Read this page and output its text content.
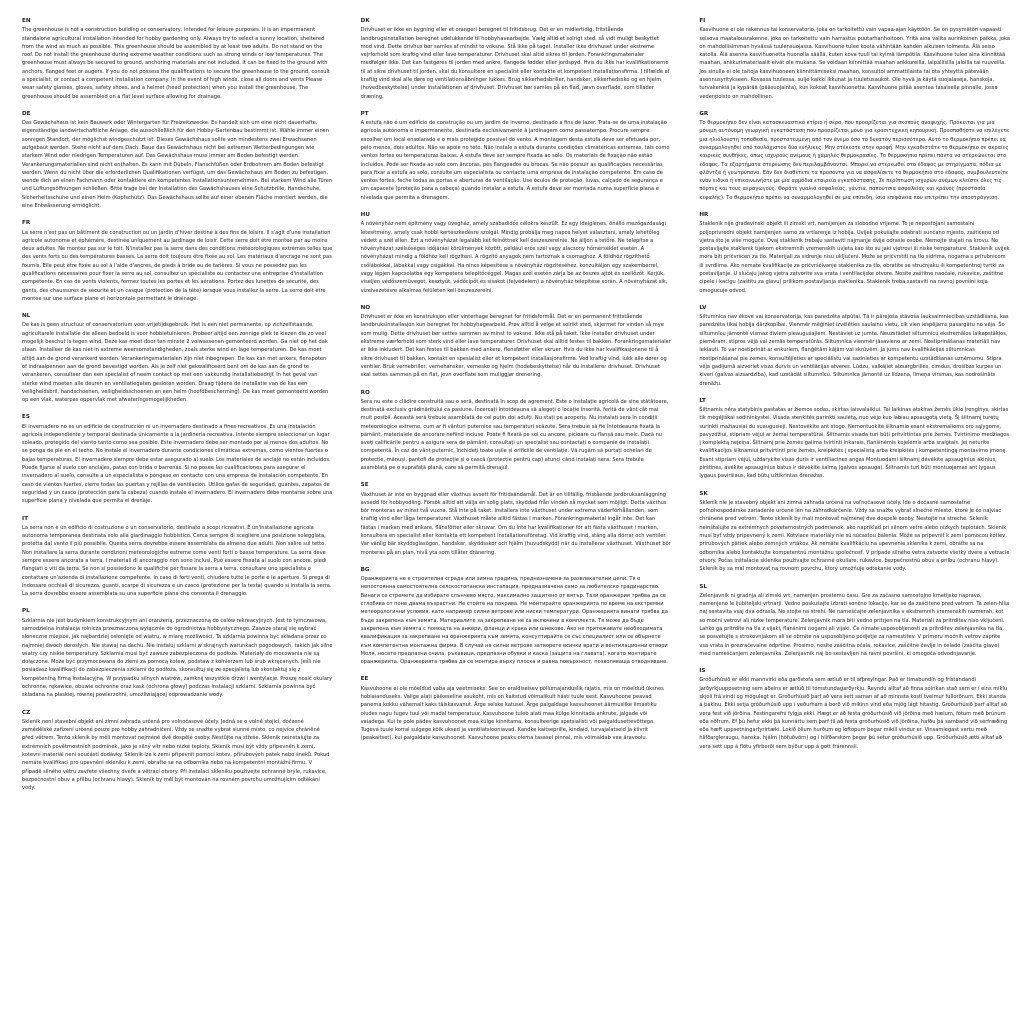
EN

The greenhouse is not a construction building or conservatory, intended for leisure purposes. It is an impermanent standalone agricultural installation intended for hobby gardening only. Always try to select a sunny location, sheltered from the wind as much as possible. This greenhouse should be assembled by at least two adults. Do not stand on the roof. Do not install the greenhouse during extreme weather conditions such as strong winds or low temperatures. The greenhouse must always be secured to ground, anchoring materials are not included. It can be fixed to the ground with anchors, flanged feet or augers. If you do not possess the qualifications to secure the greenhouse to the ground, consult a specialist, or contact a competent installation company. In the event of high winds, close all doors and vents Please wear safety glasses, gloves, safety shoes, and a helmet (head protection) when you install the greenhouse. The greenhouse should be assembled on a flat level surface allowing for drainage.

DE

Das Gewächshaus ist kein Bauwerk oder Wintergarten für Freizeitzwecke. Es handelt sich um eine nicht dauerhafte, eigenständige landwirtschaftliche Anlage, die ausschließlich für den Hobby-Gartenbau bestimmt ist. Wähle immer einen sonnigen Standort, der möglichst windgeschützt ist. Dieses Gewächshaus sollte von mindestens zwei Erwachsenen aufgebaut werden. Stehe nicht auf dem Dach. Baue das Gewächshaus nicht bei extremen Wetterbedingungen wie starkem Wind oder niedrigen Temperaturen auf. Das Gewächshaus muss immer am Boden befestigt werden. Verankerungsmaterialien sind nicht enthalten. Es kann mit Dübeln, Flanschfüßen oder Erdbohrern am Boden befestigt werden. Wenn du nicht über die erforderlichen Qualifikationen verfügst, um das Gewächshaus am Boden zu befestigen, wende dich an einen Fachmann oder kontaktiere ein kompetentes Installationsunternehmen. Bei starkem Wind alle Türen und Lüftungsöffnungen schließen. Bitte trage bei der Installation des Gewächshauses eine Schutzbrille, Handschuhe, Sicherheitsschuhe und einen Helm (Kopfschutz). Das Gewächshaus sollte auf einer ebenen Fläche montiert werden, die eine Entwässerung ermöglicht.

FR

La serre n'est pas un bâtiment de construction ou un jardin d'hiver destiné à des fins de loisirs. Il s'agit d'une installation agricole autonome et éphémère, destinée uniquement au jardinage de loisir. Cette serre doit être montée par au moins deux adultes. Ne montez pas sur le toit. N'installez pas la serre dans des conditions météorologiques extrêmes telles que des vents forts ou des températures basses. La serre doit toujours être fixée au sol. Les matériaux d'ancrage ne sont pas fournis. Elle peut être fixée au sol à l'aide d'ancres, de pieds à bride ou de tarières. Si vous ne possédez pas les qualifications nécessaires pour fixer la serre au sol, consultez un spécialiste ou contactez une entreprise d'installation compétente. En cas de vents violents, fermez toutes les portes et les aérations. Portez des lunettes de sécurité, des gants, des chaussures de sécurité et un casque (protection de la tête) lorsque vous installez la serre. La serre doit être montée sur une surface plane et horizontale permettant le drainage.

NL

De kas is geen structuur of conservatorium voor vrijetijdsgebruik. Het is een niet permanente, op zichzelfstaande, agricultarele installatie die alleen bedoeld is voor hobbietuinieren. Probeer altijd een zonnige plek te kiezen die zo veel mogelijk beschut is tegen wind. Deze kas moet door ten minste 2 volwassenen gemonteerd worden. Ga niet op het dak staan. Installeer de kas niet in extreme weersomstandigheden, zoals sterke wind en lage temperaturen. De kas moet altijd aan de grond verankerd worden. Verankeringsmaterialen zijn niet inbegrepen. De kas kan met ankers, flenspoten of indraaipennen aan de grond bevestigd worden. Als je zelf niet gekwalificeerd bent om de kas aan de grond te verankeren, consulteer dan een specialist of neem contact op met een vakkundig installatiebedrijf. In het geval van sterke wind moeten alle deuren en ventilatiegaten gesloten worden. Draag tijdens de installatie van de kas een veiligheidsbril, handschoenen, veiligheidsschoenen en een helm (hoofdbescherming). De kas moet gemonteerd worden op een vlak, waterpas oppervlak met afwateringsmogelijkheden.

ES

El invernadero no es un edificio de construcción ni un invernadero destinado a fines recreativos. Es una instalación agrícola independiente y temporal destinada únicamente a la jardinería recreativa. Intente siempre seleccionar un lugar soleado, protegido del viento tanto como sea posible. Este invernadero debe ser montado por al menos dos adultos. No se ponga de pie en el techo. No instale el invernadero durante condiciones climáticas extremas, como vientos fuertes o bajas temperaturas. El invernadero siempre debe estar asegurado al suelo. Los materiales de anclaje no están incluidos. Puede fijarse al suelo con anclajes, patas con brida o barrenas. Si no posee las cualificaciones para asegurar el invernadero al suelo, consulte a un especialista o póngase en contacto con una empresa de instalación competente. En caso de vientos fuertes, cierre todas las puertas y rejillas de ventilación. Utilice gafas de seguridad, guantes, zapatos de seguridad y un casco (protección para la cabeza) cuando instale el invernadero. El invernadero debe montarse sobre una superficie plana y nivelada que permita el drenaje.

IT

La serra non è un edificio di costruzione o un conservatorio, destinato a scopi ricreativi. È un'installazione agricola autonoma temporanea destinata solo alla giardinaggio hobbistico. Cerca sempre di scegliere una posizione soleggiata, protetta dal vento il più possibile. Questa serra dovrebbe essere assemblata da almeno due adulti. Non salire sul tetto. Non installare la serra durante condizioni meteorologiche estreme come venti forti o basse temperature. La serra deve sempre essere ancorata a terra. I materiali di ancoraggio non sono inclusi. Può essere fissata al suolo con ancore, piedi flangiati o viti da terra. Se non si possiedono le qualifiche per fissare la serra a terra, consultare uno specialista o contattare un'azienda di installazione competente. In caso di forti venti, chiudere tutte le porte e le aperture. Si prega di indossare occhiali di sicurezza, guanti, scarpe di sicurezza e un casco (protezione per la testa) quando si installa la serra. La serra dovrebbe essere assemblata su una superficie piana che consenta il drenaggio.

PL

Szklarnia nie jest budynkiem konstrukcyjnym ani oranżerią, przeznaczoną do celów rekreacyjnych. Jest to tymczasowa, samodzielna instalacja rolnicza przeznaczona wyłącznie do ogrodnictwa hobbystycznego. Zawsze staraj się wybrać słoneczne miejsce, jak najbardziej osłonięte od wiatru, w miarę możliwości. Ta szklarnia powinna być składana przez co najmniej dwóch dorosłych. Nie stawaj na dachu. Nie instaluj szklarni w skrajnych warunkach pogodowych, takich jak silne wiatry czy niskie temperatury. Szklarnia musi być zawsze zabezpieczona do podłoża. Materiały do mocowania nie są dołączone. Może być przymocowana do ziemi za pomocą kotew, podstaw z kołnierzem lub śrub wkręcanych. Jeśli nie posiadasz kwalifikacji do zabezpieczenia szklarni do podłoża, skonsultuj się ze specjalistą lub skontaktuj się z kompetentną firmą instalacyjną. W przypadku silnych wiatrów, zamknij wszystkie drzwi i wentylacje. Proszę nosić okulary ochronne, rękawice, obuwie ochronne oraz kask (ochrona głowy) podczas instalacji szklarni. Szklarnia powinna być składana na płaskiej, równej powierzchni, umożliwiającej odprowadzanie wody.

CZ

Skleník není stavební objekt ani zimní zahrada určená pro volnočasové účely. Jedná se o volně stojící, dočasné zemědělské zařízení určené pouze pro hobby zahradničení. Vždy se snažte vybrat slunné místo, co nejvíce chráněné před větrem. Tento skleník by měli montovat nejméně dvě dospělé osoby. Nestůjte na střeše. Skleník neinstalujte za extrémních povětrnostních podmínek, jako je silný vítr nebo nízké teploty. Skleník musí být vždy připevněn k zemi, kotevní materiál není součástí dodávky. Skleník lze k zemi připevnit pomocí kotev, přírubových patek nebo šneků. Pokud nemáte kvalifikaci pro upevnění skleníku k zemi, obraťte se na odborníka nebo na kompetentní montážní firmu. V případě silného větru zavřete všechny dveře a větrací otvory. Při instalaci skleníku používejte ochranné brýle, rukavice, bezpečnostní obuv a přilbu (ochranu hlavy). Skleník by měl být montován na rovném povrchu umožňujícím odtékání vody.

DK

Drivhuset er ikke en bygning eller et orangeri beregnet til fritidsbrug. Det er en midlertidig, fritstående landbrugsinstallation beregnet udelukkende til hobbyhavearbejde. Vælg altid et solrigt sted, så vidt muligt beskyttet mod vind. Dette drivhus bør samles af mindst to voksne. Stå ikke på taget. Installer ikke drivhuset under ekstreme vejrforhold som kraftig vind eller lave temperaturer. Drivhuset skal altid sikres til jorden. Forankringsmaterialer medfølger ikke. Det kan fastgøres til jorden med ankre, flangede fødder eller jordspyd. Hvis du ikke har kvalifikationerne til at sikre drivhuset til jorden, skal du konsultere en specialist eller kontakte et kompetent installationsfirma. I tilfælde af kraftig vind skal alle døre og ventilationsåbninger lukkes. Brug sikkerhedsbriller, handsker, sikkerhedssko og en hjelm (hovedbeskyttelse) under installationen af drivhuset. Drivhuset bør samles på en flad, jævn overflade, som tillader dræning.

PT

A estufa não é um edifício de construção ou um jardim de inverno, destinado a fins de lazer. Trata-se de uma instalação agrícola autónoma e impermanente, destinada exclusivamente à jardinagem como passatempo. Procure sempre escolher um local ensolarado e o mais protegido possível do vento. A montagem desta estufa deve ser efetuada por, pelo menos, dois adultos. Não se apoie no teto. Não instale a estufa durante condições climatéricas extremas, tais como ventos fortes ou temperaturas baixas. A estufa deve ser sempre fixada ao solo. Os materiais de fixação não estão incluídos. Pode ser fixada ao solo com âncoras, pés flangeados ou brocas. Se não possuir as qualificações necessárias para fixar a estufa ao solo, consulte um especialista ou contacte uma empresa de instalação competente. Em caso de ventos fortes, feche todas as portas e aberturas de ventilação. Use óculos de proteção, luvas, calçado de segurança e um capacete (proteção para a cabeça) quando instalar a estufa. A estufa deve ser montada numa superfície plana e nivelada que permita a drenagem.

HU

A növényház nem építmény vagy üvegház, amely szabadidős célokra készült. Ez egy ideiglenes, önálló mezőgazdasági létesítmény, amely csak hobbi kertészkedésre szolgál. Mindig próbálja meg napos helyet választani, amely lehetőleg védett a szél ellen. Ezt a növényházat legalább két felnőttnek kell összeszerelnie. Ne álljon a tetőre. Ne telepítse a növényházat szélsőséges időjárási körülmények között, például erős szél vagy alacsony hőmérséklet esetén. A növényházat mindig a földhöz kell rögzíteni. A rögzítő anyagok nem tartoznak a csomaghoz. A földhöz rögzíthető csőlábokkal, lábakkal vagy csigákkal. Ha nincs képesítése a növényház rögzítéséhez, konzultáljon egy szakemberrel, vagy lépjen kapcsolatba egy kompetens telepítőcéggel. Magas szél esetén zárja be az összes ajtót és szellőzőt. Kérjük, viseljen védőszemüveget, kesztyűt, védőcipőt és sisakot (fejvédelem) a növényház telepítése során. A növényházat sík, vízelvezetésre alkalmas felületen kell összeszerelni.

NO

Drivhuset er ikke en konstruksjon eller vinterhage beregnet for fritidsformål. Det er en permanent frittstående landbruksinstallasjon kun beregnet for hobbyhagearbeid. Prøv alltid å velge et solrikt sted, skjermet for vinden så mye som mulig. Dette drivhuset bør settes sammen av minst to voksne. Ikke stå på taket. Ikke installer drivhuset under ekstreme værforhold som sterk vind eller lave temperaturer. Drivhuset skal alltid festes til bakken. Forankringsmaterialer er ikke inkludert. Det kan festes til bakken med ankere, flensføtter eller skruer. Hvis du ikke har kvalifikasjonene til å sikre drivhuset til bakken, kontakt en spesialist eller et kompetent installasjonsfirma. Ved kraftig vind, lukk alle dører og ventiler. Bruk vernebriller, vernehansker, vernesko og hjelm (hodebeskyttelse) når du installerer drivhuset. Drivhuset skal settes sammen på en flat, jevn overflate som muliggjør drenering.

RO

Sera nu este o clădire construită sau o seră, destinată în scop de agrement. Este o instalație agricolă de sine stătătoare, destinată exclusiv grădinăritului ca pasiune. Încercați întotdeauna să alegeți o locație însorită, ferită de vânt cât mai mult posibil. Această seră trebuie asamblată de cel puțin doi adulți. Nu stați pe acoperiș. Nu instalați sera în condiții meteorologice extreme, cum ar fi vânturi puternice sau temperaturi scăzute. Sera trebuie să fie întotdeauna fixată la pământ, materialele de ancorare nefiind incluse. Poate fi fixată pe sol cu ancore, picioare cu flanșă sau melc. Dacă nu aveți calificările pentru a asigura sera de pământ, consultați un specialist sau contactați o companie de instalații competentă. În caz de vânt puternic, închideți toate ușile și orificiile de ventilație. Vă rugăm să purtați ochelari de protecție, mănuși, pantofi de protecție și o cască (protecție pentru cap) atunci când instalați sera. Sera trebuie asamblată pe o suprafață plană, care să permită drenajul.

SE

Växthuset är inte en byggnad eller växthus avsett för fritidsändamål. Det är en tillfällig, fristående jordbruksanläggning avsedd för hobbyodling. Försök alltid att välja en solig plats, skyddad från vinden så mycket som möjligt. Detta växthus bör monteras av minst två vuxna. Stå inte på taket. Installera inte växthuset under extrema väderförhållanden, som kraftig vind eller låga temperaturer. Växthuset måste alltid fästas i marken. Förankringsmaterial ingår inte. Det kan fästas i marken med ankare, flänsfötter eller skruvar. Om du inte har kvalifikationer för att fästa växthuset i marken, konsultera en specialist eller kontakta ett kompetent installationsföretag. Vid kraftig vind, stäng alla dörrar och ventiler. Var vänlig bär skyddsglasögon, handskar, skyddsskor och hjälm (huvudskydd) när du installerar växthuset. Växthuset bör monteras på en plan, nivå yta som tillåter dränering.

BG

Оранжерията не е строителна сграда или зимна градина, предназначена за развлекателни цели. Тя е непостоянна самостоятелна селскостопанска инсталация, предназначена само за любителско градинарство. Винаги се стремете да избирате слънчево място, максимално защитено от вятър. Тази оранжерия трябва да се сглобява от поне двама възрастни. Не стойте на покрива. Не монтирайте оранжерията по време на екстремни метеорологични условия, като например силни ветрове или ниски температури. Оранжерията винаги трябва да бъде закрепена към земята. Материалите за закрепване не са включени в комплекта. Тя може да бъде закрепена към земята с помощта на анкери, фланци и крака или шнекове. Ако не притежавате необходимата квалификация за закрепване на оранжерията към земята, консултирайте се със специалист или се обърнете към компетентна монтажна фирма. В случай на силни ветрове затворете всички врати и вентилационни отвори Моля, носете предпазни очила, ръкавици, предпазни обувки и каска (защита на главата), когато монтирате оранжерията. Оранжерията трябва да се монтира върху плоска и равна повърхност, позволяваща отводняване.

EE

Kasvuhoone ei ole mõeldud vaba aja veetmiseks. See on eraldiseisev põllumajanduslik rajatis, mis on mõeldud üksnes hobiaianduseks. Valige alati päikeseline asukoht, mis on kaitstud võimalikult hästi tuule eest. Kasvuhoone peavad panema kokku vähemalt kaks täiskasvanut. Ärge seiske katusel. Ärge paigaldage kasvuhoonet äärmuslike ilmastiku oludes nagu tugev tuul või madal temperatuur. Kasvuhoone tuleb alati maa külge kinnitada ankrute, jalgade või vaiadega. Kui te pole pädev kasvuhoonet maa külge kinnitama, konsulteerige spetsialisti või paigaldusettevõttega. Tugeva tuule korral sulgege kõik uksed ja ventilatsiooniavad. Kandke kaitseprille, kindaid, turvajalatseid ja kiivrit (peakaitset), kui paigaldate kasvuhoonet. Kasvuhoone peaks olema tasasel pinnal, mis võimaldab vee äravoolu.

FI

Kasvihuone ei ole rakennus tai konservatorio, joka on tarkoitettu vain vapaa-ajan käyttöön. Se on pysymätön vapaasti seisova maatalousrakenne, joka on tarkoitettu vain harrastus puutarhanhoitoon. Yritä aina valita aurinkoinen paikka, joka on mahdollisimman hyvässä tuulensuojassa. Kasvihuone tulee koota vähintään kahden aikuisen toimesta. Älä seiso katolla. Älä asenna kasvihuonetta huonolla säällä, kuten kova tuuli tai kylmä lämpötila. Kasvihuone tulee aina kiinnittää maahan, ankkurimateriaalit eivät ole mukana. Se voidaan kiinnittää maahan ankkureilla, laipallisilla jaloilla tai ruuveilla. Jos sinulla ei ole taitoja kasvihuoneen kiinnittämiseksi maahan, konsultoi ammattilaista tai ota yhteyttä pätevään asennusyritykseen. Kovassa tuulessa, sulje kaikki ikkunat ja tuuletusaukot. Ole hyvä ja käytä suojalaseja, hanskoja, turvakenkiä ja kypärää (pääsuojainta), kun kokoat kasvihuonetta. Kasvihuone pitää asentaa tasaiselle pinnalle, jossa vedenpoisto on mahdollinen.

GR

Το θερμοκήπιο δεν είναι κατασκευαστικό κτίριο ή σέρα, που προορίζεται για σκοπούς αναψυχής. Πρόκειται για μια μόνιμη αυτόνομη γεωργική εγκατάσταση που προορίζεται μόνο για ερασιτεχνική κηπουρική. Προσπαθήστε να επιλέγετε μια ηλιόλουστη τοποθεσία, προστατευμένη από τον άνεμο όσο το δυνατόν περισσότερο. Αυτό το θερμοκήπιο πρέπει να συναρμολογηθεί από τουλάχιστον δύο ενήλικες. Μην στέκεστε στην οροφή. Μην εγκαθιστάτε το θερμοκήπιο σε ακραίες καιρικές συνθήκες, όπως ισχυρούς ανέμους ή χαμηλές θερμοκρασίες. Το θερμοκήπιο πρέπει πάντα να στερεώνεται στο έδαφος. Τα εξαρτήματα στερέωσης δεν περιλαμβάνονται. Μπορεί να στερεωθεί στο έδαφος με στηρίγματα, πόδια με φλάντζα ή γεωτρύπανα. Εάν δεν διαθέτετε τα προσόντα για να ασφαλίσετε το θερμοκήπιο στο έδαφος, συμβουλευτείτε έναν ειδικό ή επικοινωνήστε με μια αρμόδια εταιρεία εγκατάστασης. Σε περίπτωση ισχυρών ανέμων κλείστε όλες τις πόρτες και τους αεραγωγούς. Φοράτε γυαλιά ασφαλείας, γάντια, παπούτσια ασφαλείας και κράνος (προστασία κεφαλής). Το θερμοκήπιο πρέπει να συναρμολογηθεί σε μια επίπεδη, ίσια επιφάνεια που επιτρέπει την αποστράγγιση.

HR

Staklenik nije građevinski objekt ili zimski vrt, namijenjen za slobodno vrijeme. To je nepostojani samostalni poljoprivredni objekt namijenjen samo za vrtlarenje iz hobija. Uvijek pokušajte odabrati sunčano mjesto, zaštićeno od vjetra što je više moguće. Ovaj staklenik trebaju sastaviti najmanje dvije odrasle osobe. Nemojte stajati na krovu. Ne postavljajte staklenik tijekom ekstremnih vremenskih uvjeta kao što su jaki vjetrovi ili niske temperature. Staklenik uvijek mora biti pričvršćen za tlo. Materijali za sidrenje nisu uključeni. Može se pričvrstiti na tlo sidrima, nogama s prirubnicom ili svrdlima. Ako nemate kvalifikacije za pričvršćivanje staklenika za tlo, obratite se stručnjaku ili kompetentnoj tvrtki za postavljanje. U slučaju jakog vjetra zatvorite sva vrata i ventilacijske otvore. Nosite zaštitne naočale, rukavice, zaštitne cipele i kacigu (zaštitu za glavu) prilikom postavljanja staklenika. Staklenik treba sastaviti na ravnoj površini koja omogućuje odvod.

LV

Siltumnīca nav ēkove vai konservatorija, kas paredzēta atpūtai. Tā ir pārejoša stāvoša lauksaimniecības uzstādīšana, kas paredzēta tikai hobija dārzkopībai. Vienmēr mēģiniet izvēlēties saulainu vietu, cik vien iespējams pasargātu no vēja. Šo siltumnīcu jāmontē vismaz diviem pieaugušajiem. Nestāviet uz jumta. Neuzstādiet siltumnīcu ekstremālos laikapstākļos, piemēram, stipros vējā vai zemās temperatūrās. Siltumnīca vienmēr jāsavieno ar zemi. Nostiprināšanas materiāli nav iekļauti. To var nostiprināt ar enkuriem, flanģētām kājām vai skrūvēm. Ja jums nav kvalifikācijas siltumnīcas nostiprināšanai pie zemes, konsultējieties ar speciālistu vai sazinieties ar kompetentu uzstādīšanas uzņēmumu. Stipra vēja gadījumā aizveriet visas durvis un ventilācijas atveres. Lūdzu, valkājiet aizsargbrilles, cimdus, drošības kurpes un ķiveri (galvas aizsardzība), kad uzstādāt siltumnīcu. Siltumnīca jāmontē uz līdzena, līmeņa virsmas, kas nodrošināts drenāžu.

LT

Šiltnamis nėra statybinis pastatas ar žiemos sodas, skirtas laisvalaikiui. Tai laikinas atskiras žemės ūkio įrenginys, skirtas tik mėgėjiškai sodininkystei. Visada stenkitės parinkti saulėtą, nuo vėjo kuo labiau apsaugotą vietą. Šį šiltnamį turėtų surinkti mažiausiai du suaugusieji. Nestovėkite ant stogo. Nemontuokite šiltnamio esant ekstremalioms oro sąlygoms, pavyzdžiui, stipriam vėjui ar žemai temperatūrai. Šiltnamis visada turi būti pritvirtintas prie žemės. Tvirtinimo medžiagos į komplektą neįeina. Šiltnamį prie žemės galima tvirtinti inkarais, flanšinėmis kojelėmis arba sraigtais. Jei neturite kvalifikacijos šiltnamiui pritvirtinti prie žemės, kreipkitės į specialistą arba kreipkitės į kompetentingą montavimo įmonę. Esant stipriam vėjui, uždarykite visas duris ir ventiliacines angas Montuodami šiltnamį dėvėkite apsauginius akinius, pirštines, avėkite apsauginius batus ir dėvėkite šalmą (galvos apsauga). Šiltnamis turi būti montuojamas ant lygaus lygaus paviršiaus, kad būtų užtikrintas drenažas.

SK

Skleník nie je stavebný objekt ani zimná záhrada určená na voľnočasové účely. Ide o dočasné samostatné poľnohospodárske zariadenie určené len na záhradkárčenie. Vždy sa snažte vybrať slnečné miesto, ktoré je čo najviac chránené pred vetrom. Tento skleník by mali montovať najmenej dve dospelé osoby. Nestojte na streche. Skleník neinštalujte za extrémnych poveternostných podmienok, ako napríklad pri silnom vetre alebo nízkych teplotách. Skleník musí byť vždy pripevnený k zemi. Kotviace materiály nie sú súčasťou balenia. Môže sa pripevniť k zemi pomocou kotiev, prírubových pätiek alebo zemných vrtákov. Ak nemáte kvalifikáciu na upevnenie skleníka k zemi, obráťte sa na odborníka alebo kontaktujte kompetentnú montážnu spoločnosť. V prípade silného vetra zatvorte všetky dvere a vetracie otvory. Počas inštalácie skleníka používajte ochranné okuliare, rukavice, bezpečnostnú obuv a prilbu (ochranu hlavy). Skleník by sa mal montovať na rovnom povrchu, ktorý umožňuje odtekanie vody.

SL

Zelenjavnik ni gradnja ali zimski vrt, namenjen prostemu času. Gre za začasno samostojno kmetijsko napravo, namenjeno le ljubiteljski vrtnarji. Vedno poskušajte izbrati sončno lokacijo, kar se da zaščiteno pred vetrom. Ta zelen-hiša naj sestavita vsaj dva odrasla. Ne stojte na strehi. Ne nameščajte zelenjavnika v ekstremnih vremenskih razmerah, kot so močni vetrovi ali nizke temperature. Zelenjavnik mora biti vedno pritrjen na tla. Materiali za pritrditev niso vključeni. Lahko ga pritrdite na tla z vijaki, flanšnimi nogami ali vijaki. Če nimate usposobljenosti za pritrditev zelenjavnika na tla, se posvetujte s strokovnjakom ali se obrnite na usposobljeno podjetje za namestitev. V primeru močnih vetrov zaprite vsa vrata in prezračevalne odprtine. Prosimo, nosite zaščitna očala, rokavice, zaščitne čevlje in čelado (zaščita glave) med nameščanjem zelenjavnika. Zelenjavnik naj bo sestavljen na ravni površini, ki omogoča odvodnjavanje.

IS

Gróðurhúsið er ekki mannvirki eða garðstofa sem ætluð er til afþreyingar. Það er tímabundin og fristandandi jarðyrkjuuppsetning sem aðeins er ætluð til tómstundagarðyrkju. Reyndu alltaf að finna sólríkan stað sem er í eins miklu skjóli frá vindi og mögulegt er. Gróðurhúsið þarf að vera sett saman af að minnsta kosti tveimur fullorðnum. Ekki standa á þakinu. Ekki setja gróðurhúsið upp í veðurham á borð við mikinn vind eða mjög lágt hitastig. Gróðurhúsið þarf alltaf að vera fest við jörðina. Festingarefni fylgja ekki. Hægt er að festa gróðurhúsið við jörðina með hælum, fótum með brúnum eða nöfrum. Ef þú hefur ekki þá kunnáttu sem þarf til að festa gróðurhúsið við jörðina, hafðu þá samband við sérfræðing eða hæft uppsetningarfyrirtæki. Lokið öllum hurðum og loftopum þegar mikill vindur er. Vinsamlegast vertu með hlífðargleraugu, hanska, hjálm (höfuðvörn) og í hlífðarskóm þegar þú setur gróðurhúsið upp. Gróðurhúsið ætti alltaf að vera sett upp á flötu yfirborði sem býður upp á gott frárennsli.
